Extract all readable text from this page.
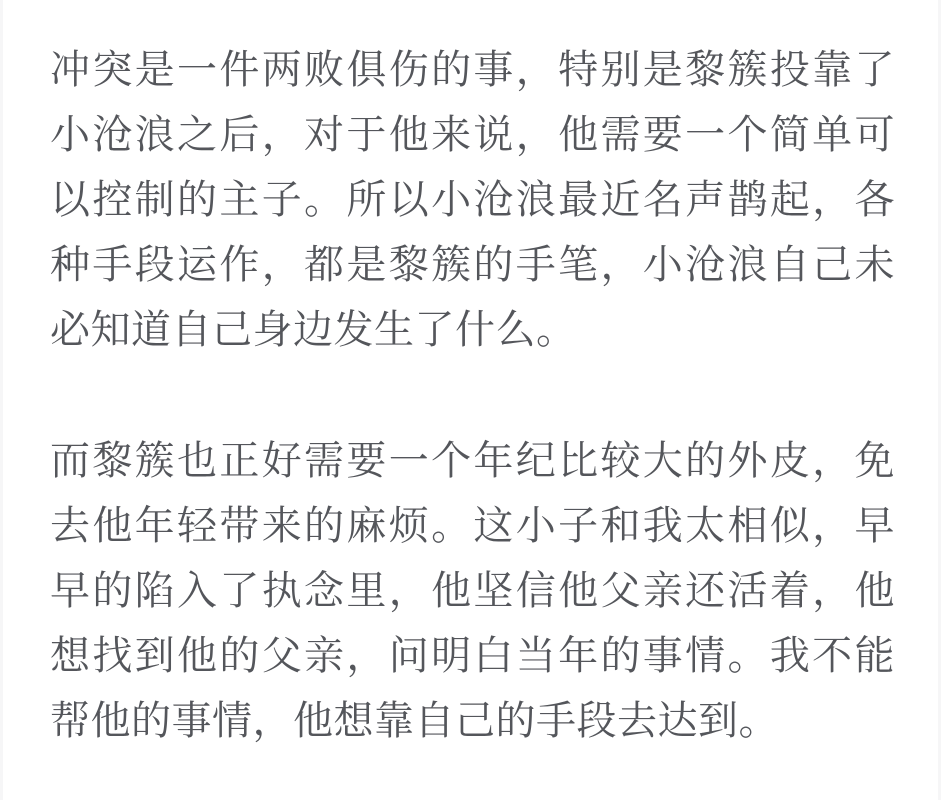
冲突是一件两败俱伤的事，特别是黎簇投靠了小沧浪之后，对于他来说，他需要一个简单可以控制的主子。所以小沧浪最近名声鹊起，各种手段运作，都是黎簇的手笔，小沧浪自己未必知道自己身边发生了什么。

而黎簇也正好需要一个年纪比较大的外皮，免去他年轻带来的麻烦。这小子和我太相似，早早的陷入了执念里，他坚信他父亲还活着，他想找到他的父亲，问明白当年的事情。我不能帮他的事情，他想靠自己的手段去达到。
